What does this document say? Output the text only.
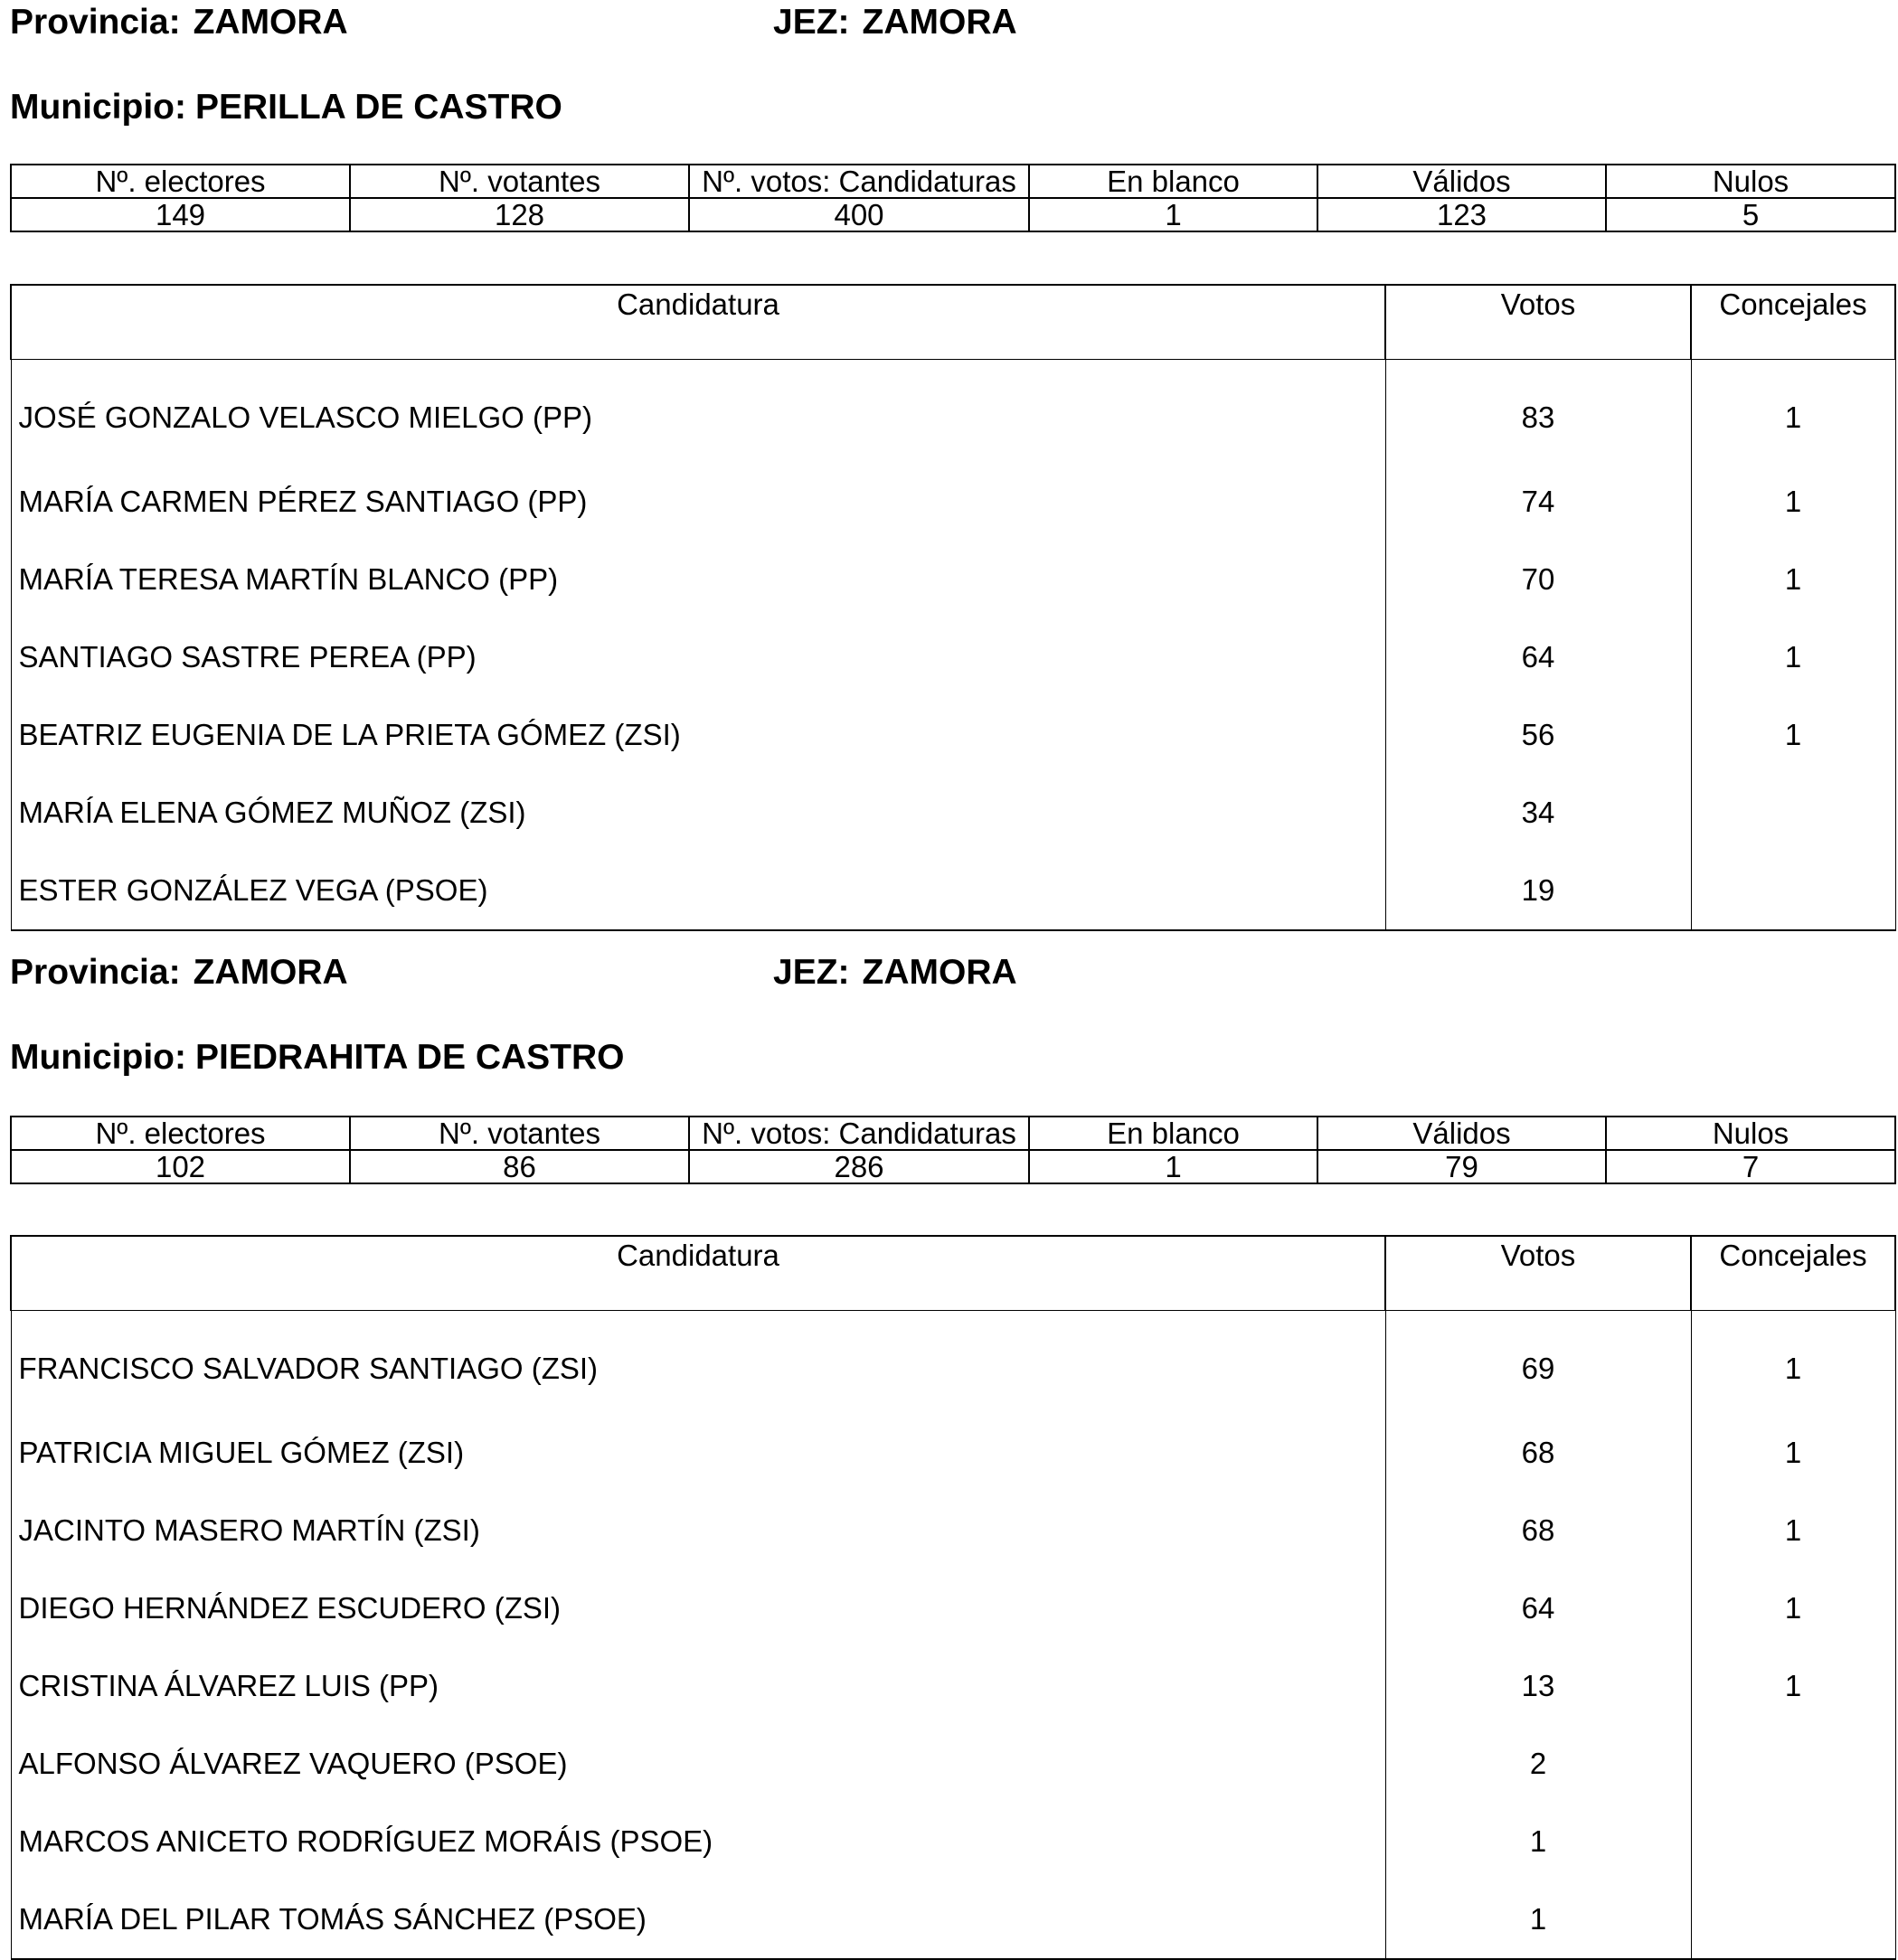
Provincia: ZAMORA	JEZ: ZAMORA
Municipio: PERILLA DE CASTRO
Nº. electores	Nº. votantes	Nº. votos: Candidaturas	En blanco	Válidos	Nulos
149	128	400	1	123	5
Candidatura	Votos	Concejales
JOSÉ GONZALO VELASCO MIELGO (PP)	83	1
MARÍA CARMEN PÉREZ SANTIAGO (PP)	74	1
MARÍA TERESA MARTÍN BLANCO (PP)	70	1
SANTIAGO SASTRE PEREA (PP)	64	1
BEATRIZ EUGENIA DE LA PRIETA GÓMEZ (ZSI)	56	1
MARÍA ELENA GÓMEZ MUÑOZ (ZSI)	34	
ESTER GONZÁLEZ VEGA (PSOE)	19	
Provincia: ZAMORA	JEZ: ZAMORA
Municipio: PIEDRAHITA DE CASTRO
Nº. electores	Nº. votantes	Nº. votos: Candidaturas	En blanco	Válidos	Nulos
102	86	286	1	79	7
Candidatura	Votos	Concejales
FRANCISCO SALVADOR SANTIAGO (ZSI)	69	1
PATRICIA MIGUEL GÓMEZ (ZSI)	68	1
JACINTO MASERO MARTÍN (ZSI)	68	1
DIEGO HERNÁNDEZ ESCUDERO (ZSI)	64	1
CRISTINA ÁLVAREZ LUIS (PP)	13	1
ALFONSO ÁLVAREZ VAQUERO (PSOE)	2	
MARCOS ANICETO RODRÍGUEZ MORÁIS (PSOE)	1	
MARÍA DEL PILAR TOMÁS SÁNCHEZ (PSOE)	1	
